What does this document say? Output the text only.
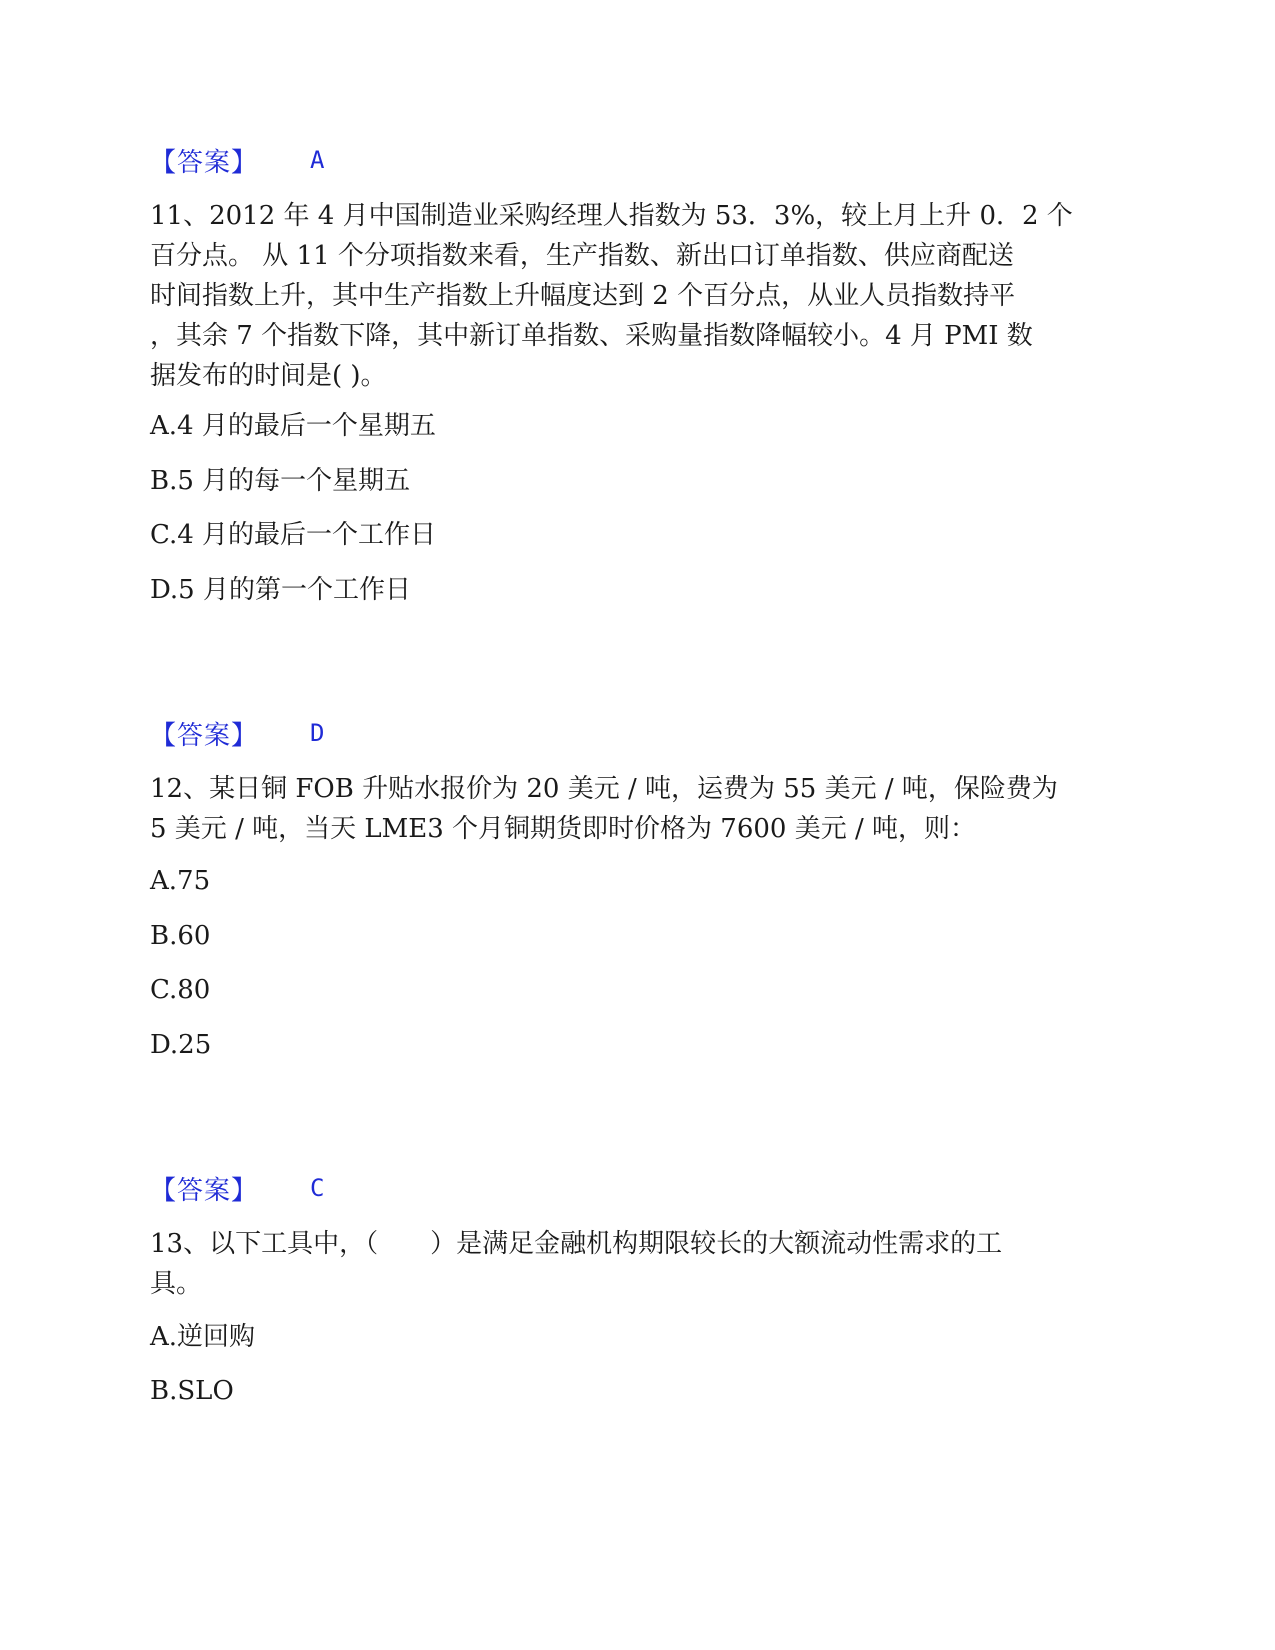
【答案】 A
11、2012 年 4 月中国制造业采购经理人指数为 53．3%，较上月上升 0．2 个
百分点。 从 11 个分项指数来看，生产指数、新出口订单指数、供应商配送
时间指数上升，其中生产指数上升幅度达到 2 个百分点，从业人员指数持平
，其余 7 个指数下降，其中新订单指数、采购量指数降幅较小。4 月 PMI 数
据发布的时间是( )。
A.4 月的最后一个星期五
B.5 月的每一个星期五
C.4 月的最后一个工作日
D.5 月的第一个工作日
【答案】 D
12、某日铜 FOB 升贴水报价为 20 美元 / 吨，运费为 55 美元 / 吨，保险费为
5 美元 / 吨，当天 LME3 个月铜期货即时价格为 7600 美元 / 吨，则：
A.75
B.60
C.80
D.25
【答案】 C
13、以下工具中，（　　）是满足金融机构期限较长的大额流动性需求的工
具。
A.逆回购
B.SLO
